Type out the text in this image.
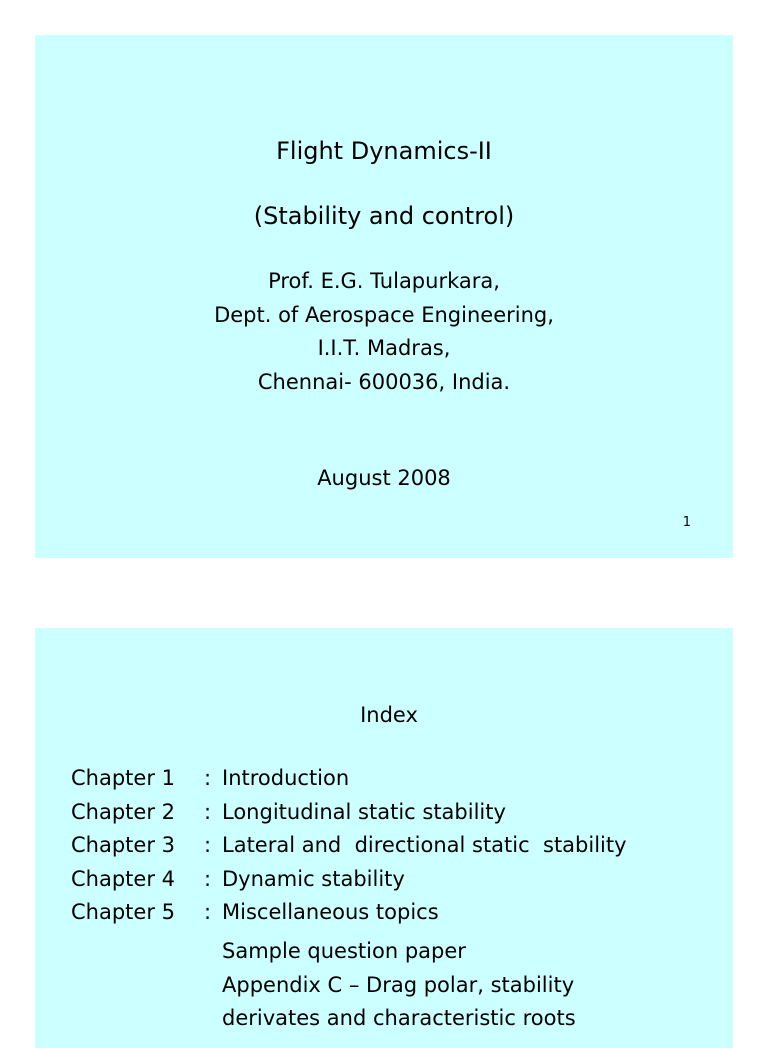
Flight Dynamics-II
(Stability and control)
Prof. E.G. Tulapurkara,
Dept. of Aerospace Engineering,
I.I.T. Madras,
Chennai- 600036, India.
August 2008
1
Index
Chapter 1 : Introduction
Chapter 2 : Longitudinal static stability
Chapter 3 : Lateral and  directional static  stability
Chapter 4 : Dynamic stability
Chapter 5 : Miscellaneous topics
Sample question paper
Appendix C – Drag polar, stability
derivates and characteristic roots
